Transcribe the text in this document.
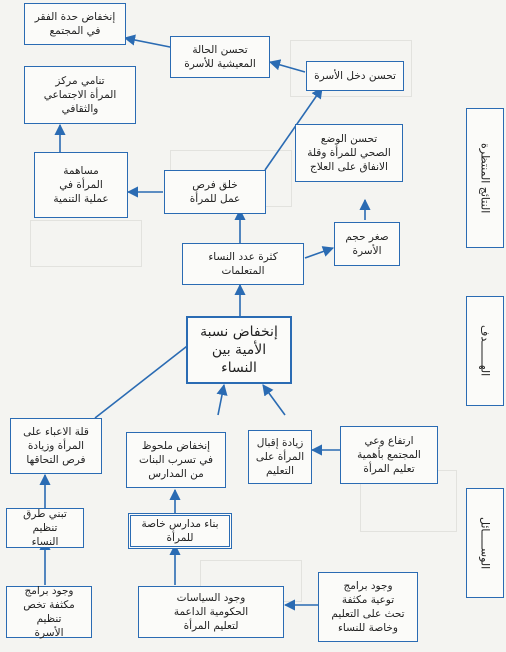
النتائج المنتظرة
الهـــــــدف
الوســـــائل
إنخفاض حدة الفقر
في المجتمع
تحسن الحالة
المعيشية للأسرة
تحسن دخل الأسرة
تنامي مركز
المرأة الاجتماعي
والثقافي
تحسن الوضع
الصحي للمرأة وقلة
الانفاق على العلاج
مساهمة
المرأة في
عملية التنمية
خلق فرص
عمل للمرأة
صغر حجم
الأسرة
كثرة عدد النساء
المتعلمات
إنخفاض نسبة
الأمية بين
النساء
قلة الاعباء على
المرأة وزيادة
فرص التحاقها
إنخفاض ملحوظ
في تسرب البنات
من المدارس
زيادة إقبال
المرأة على
التعليم
ارتفاع وعي
المجتمع بأهمية
تعليم المرأة
تبني طرق تنظيم
النساء
بناء مدارس خاصة
للمرأة
وجود برامج
مكثفة تخص تنظيم
الأسرة
وجود السياسات
الحكومية الداعمة
لتعليم المرأة
وجود برامج
توعية مكثفة
تحث على التعليم
وخاصة للنساء
